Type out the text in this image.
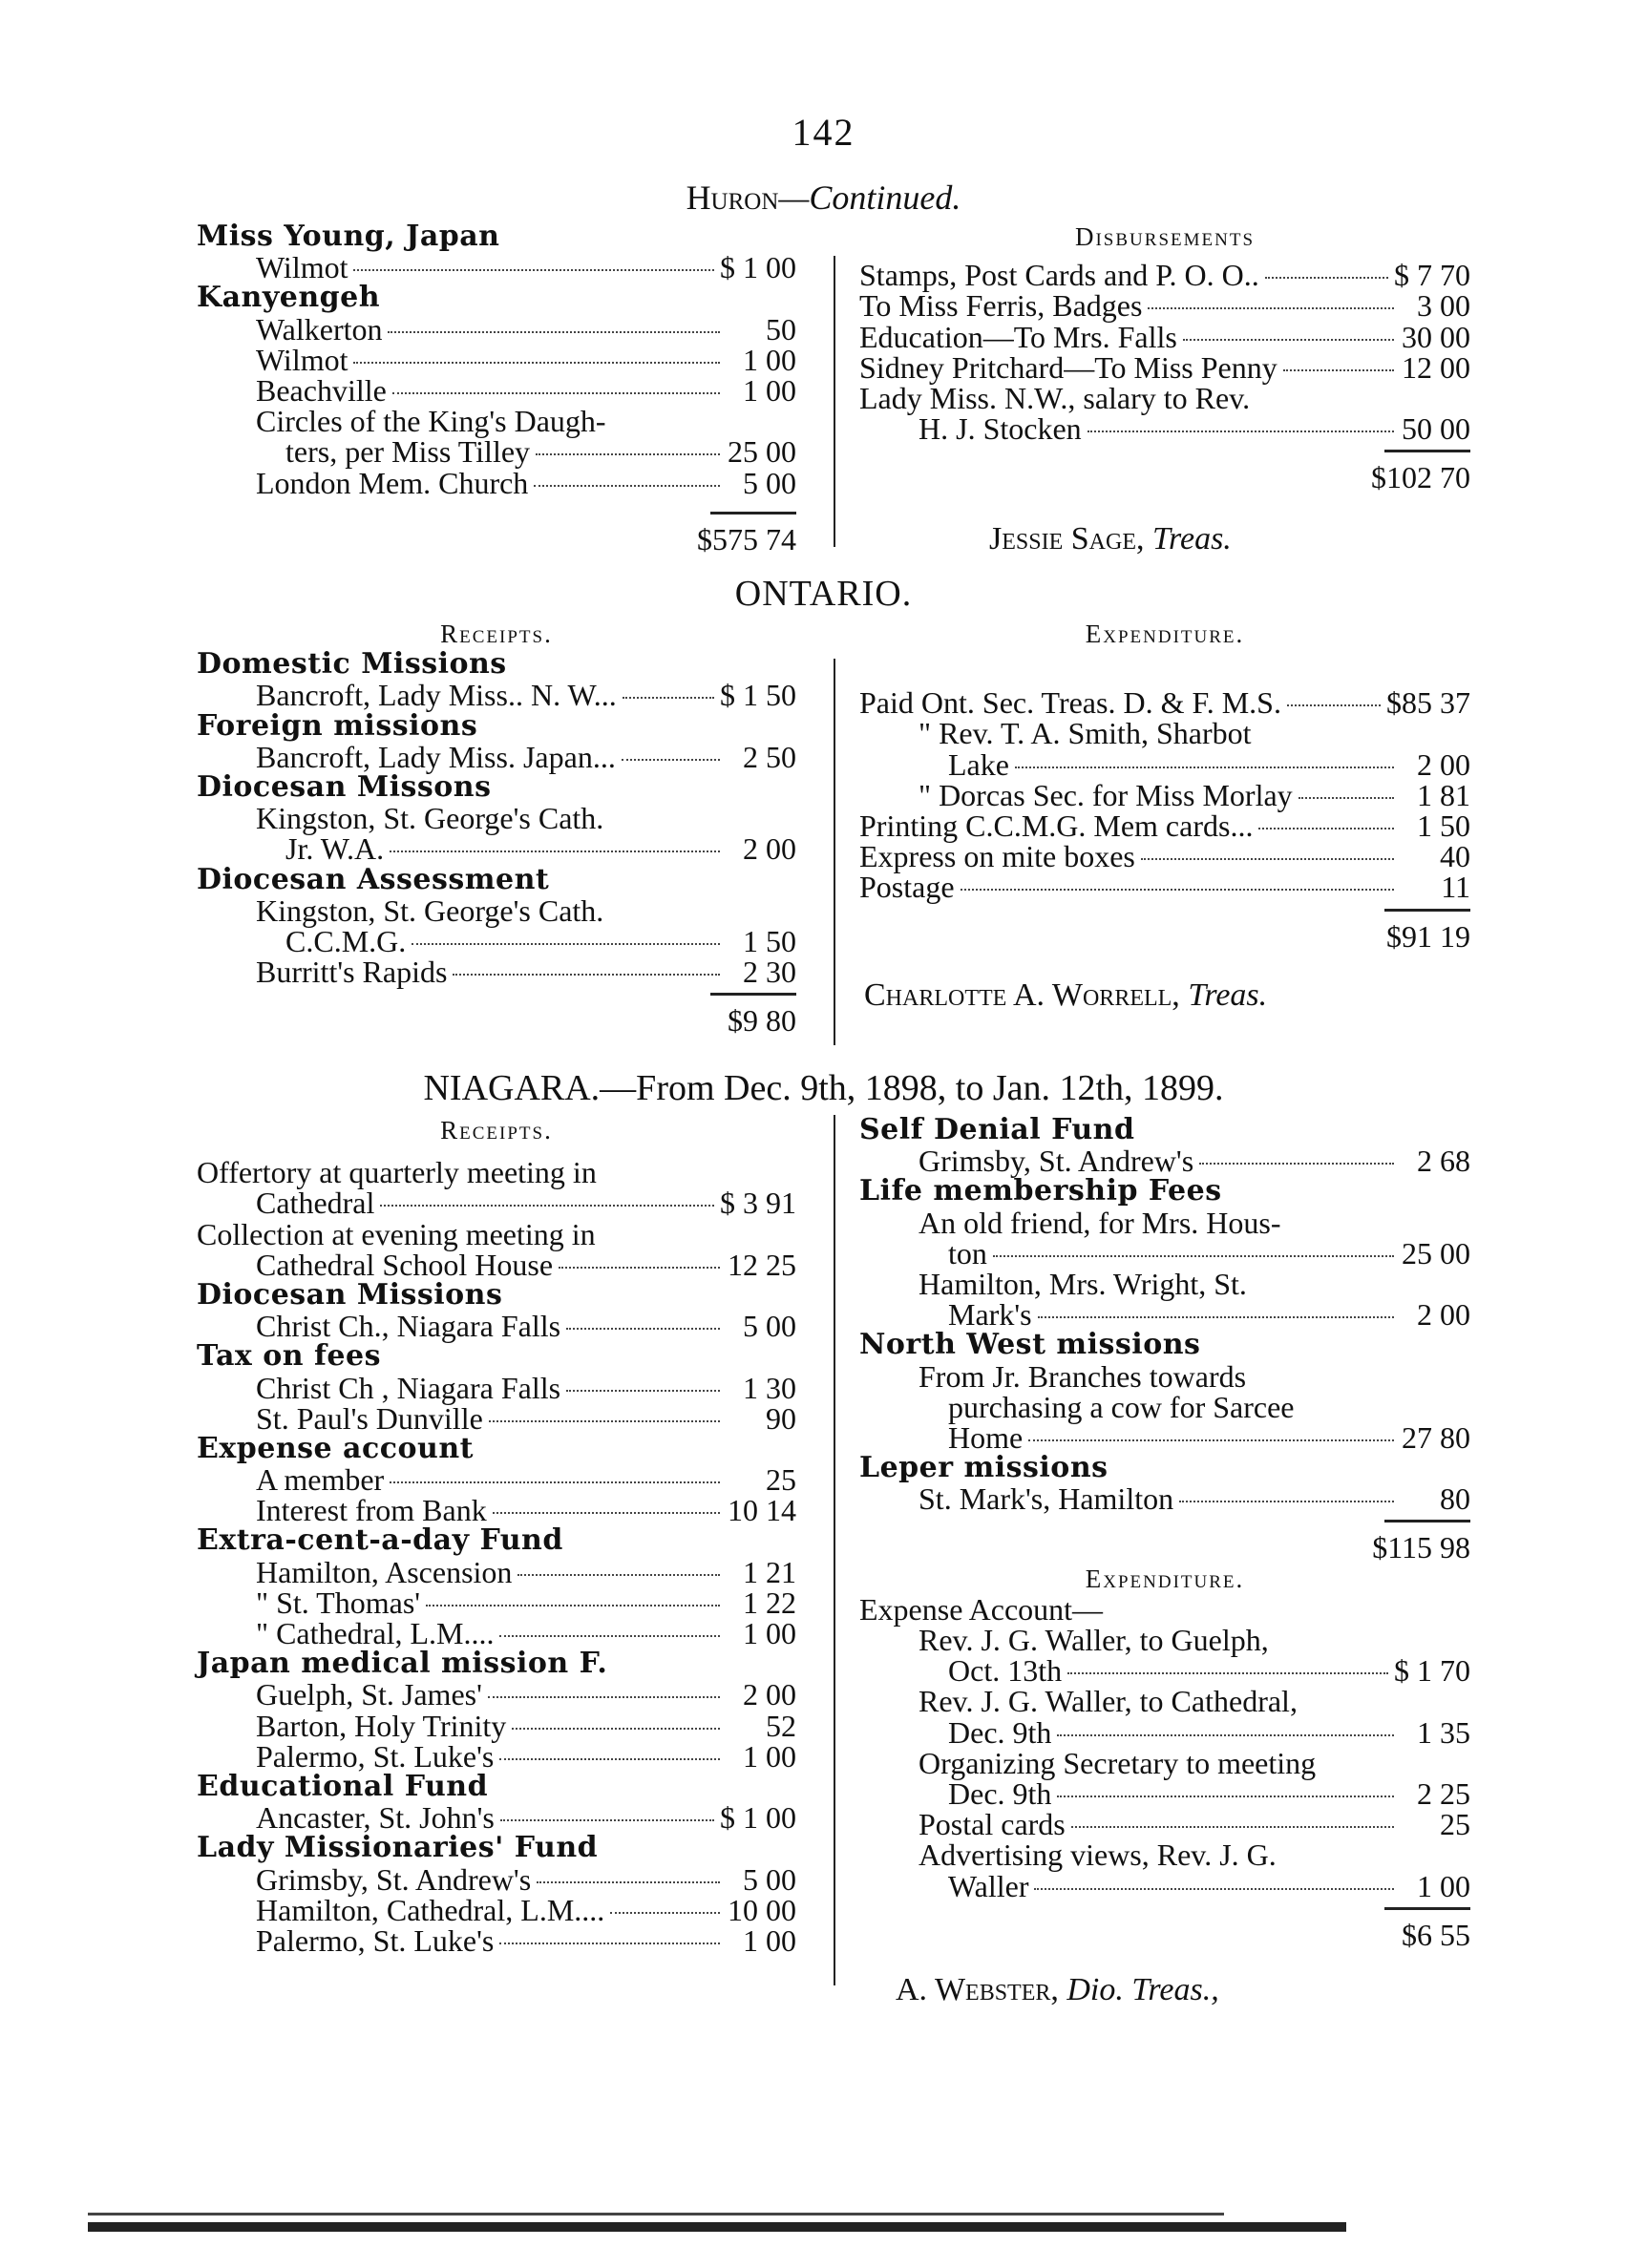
142
Huron—Continued.
Miss Young, Japan
Wilmot	$ 1 00
Kanyengeh
Walkerton	50
Wilmot	1 00
Beachville	1 00
Circles of the King's Daugh-
ters, per Miss Tilley	25 00
London Mem. Church	5 00
$575 74
Disbursements
Stamps, Post Cards and P. O. O..	$ 7 70
To Miss Ferris, Badges	3 00
Education—To Mrs. Falls	30 00
Sidney Pritchard—To Miss Penny	12 00
Lady Miss. N.W., salary to Rev.
H. J. Stocken	50 00
$102 70
Jessie Sage, Treas.
ONTARIO.
Receipts.
Domestic Missions
Bancroft, Lady Miss.. N. W...	$ 1 50
Foreign missions
Bancroft, Lady Miss. Japan...	2 50
Diocesan Missons
Kingston, St. George's Cath.
Jr. W.A.	2 00
Diocesan Assessment
Kingston, St. George's Cath.
C.C.M.G.	1 50
Burritt's Rapids	2 30
$9 80
Expenditure.
Paid Ont. Sec. Treas. D. & F. M.S.	$85 37
" Rev. T. A. Smith, Sharbot
Lake	2 00
" Dorcas Sec. for Miss Morlay	1 81
Printing C.C.M.G. Mem cards...	1 50
Express on mite boxes	40
Postage	11
$91 19
Charlotte A. Worrell, Treas.
NIAGARA.—From Dec. 9th, 1898, to Jan. 12th, 1899.
Receipts.
Offertory at quarterly meeting in
Cathedral	$ 3 91
Collection at evening meeting in
Cathedral School House	12 25
Diocesan Missions
Christ Ch., Niagara Falls	5 00
Tax on fees
Christ Ch , Niagara Falls	1 30
St. Paul's Dunville	90
Expense account
A member	25
Interest from Bank	10 14
Extra-cent-a-day Fund
Hamilton, Ascension	1 21
" St. Thomas'	1 22
" Cathedral, L.M....	1 00
Japan medical mission F.
Guelph, St. James'	2 00
Barton, Holy Trinity	52
Palermo, St. Luke's	1 00
Educational Fund
Ancaster, St. John's	$ 1 00
Lady Missionaries' Fund
Grimsby, St. Andrew's	5 00
Hamilton, Cathedral, L.M....	10 00
Palermo, St. Luke's	1 00
Self Denial Fund
Grimsby, St. Andrew's	2 68
Life membership Fees
An old friend, for Mrs. Hous-
ton	25 00
Hamilton, Mrs. Wright, St.
Mark's	2 00
North West missions
From Jr. Branches towards
purchasing a cow for Sarcee
Home	27 80
Leper missions
St. Mark's, Hamilton	80
$115 98
Expenditure.
Expense Account—
Rev. J. G. Waller, to Guelph,
Oct. 13th	$ 1 70
Rev. J. G. Waller, to Cathedral,
Dec. 9th	1 35
Organizing Secretary to meeting
Dec. 9th	2 25
Postal cards	25
Advertising views, Rev. J. G.
Waller	1 00
$6 55
A. Webster, Dio. Treas.,
